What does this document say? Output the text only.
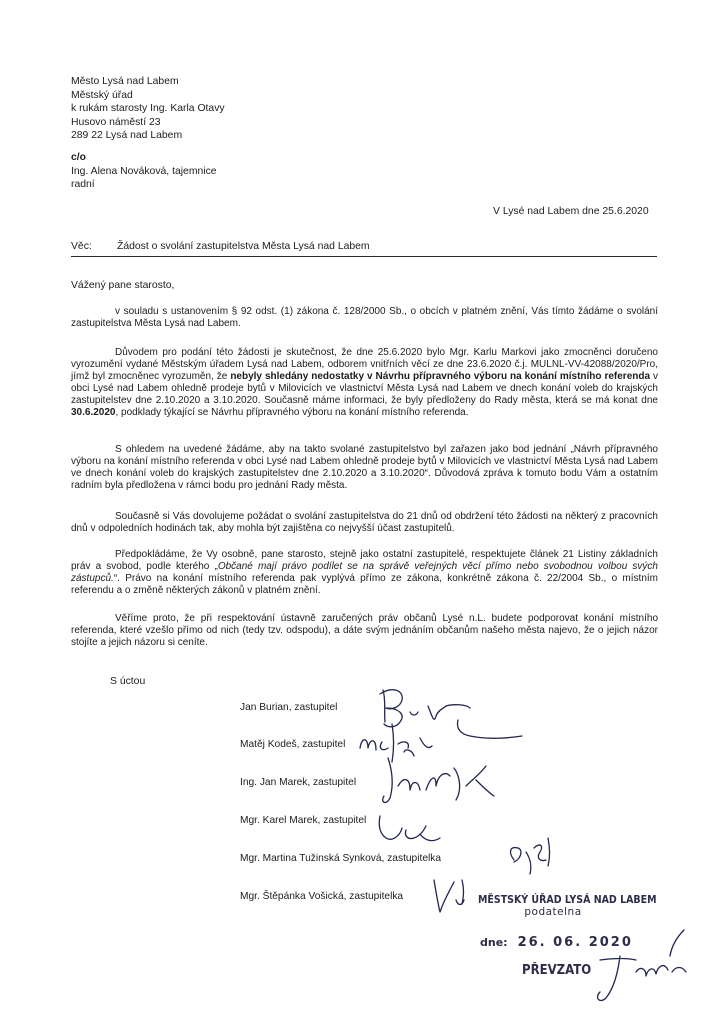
Město Lysá nad Labem
Městský úřad
k rukám starosty Ing. Karla Otavy
Husovo náměstí 23
289 22 Lysá nad Labem
c/o
Ing. Alena Nováková, tajemnice
radní
V Lysé nad Labem dne 25.6.2020
Věc: Žádost o svolání zastupitelstva Města Lysá nad Labem
Vážený pane starosto,

v souladu s ustanovením § 92 odst. (1) zákona č. 128/2000 Sb., o obcích v platném znění, Vás tímto žádáme o svolání zastupitelstva Města Lysá nad Labem.

Důvodem pro podání této žádosti je skutečnost, že dne 25.6.2020 bylo Mgr. Karlu Markovi jako zmocněnci doručeno vyrozumění vydané Městským úřadem Lysá nad Labem, odborem vnitřních věcí ze dne 23.6.2020 č.j. MULNL-VV-42088/2020/Pro, jímž byl zmocněnec vyrozuměn, že nebyly shledány nedostatky v Návrhu přípravného výboru na konání místního referenda v obci Lysé nad Labem ohledně prodeje bytů v Milovicích ve vlastnictví Města Lysá nad Labem ve dnech konání voleb do krajských zastupitelstev dne 2.10.2020 a 3.10.2020. Současně máme informaci, že byly předloženy do Rady města, která se má konat dne 30.6.2020, podklady týkající se Návrhu přípravného výboru na konání místního referenda.

S ohledem na uvedené žádáme, aby na takto svolané zastupitelstvo byl zařazen jako bod jednání „Návrh přípravného výboru na konání místního referenda v obci Lysé nad Labem ohledně prodeje bytů v Milovicích ve vlastnictví Města Lysá nad Labem ve dnech konání voleb do krajských zastupitelstev dne 2.10.2020 a 3.10.2020“. Důvodová zpráva k tomuto bodu Vám a ostatním radním byla předložena v rámci bodu pro jednání Rady města.

Současně si Vás dovolujeme požádat o svolání zastupitelstva do 21 dnů od obdržení této žádosti na některý z pracovních dnů v odpoledních hodinách tak, aby mohla být zajištěna co nejvyšší účast zastupitelů.

Předpokládáme, že Vy osobně, pane starosto, stejně jako ostatní zastupitelé, respektujete článek 21 Listiny základních práv a svobod, podle kterého „Občané mají právo podílet se na správě veřejných věcí přímo nebo svobodnou volbou svých zástupců.“. Právo na konání místního referenda pak vyplývá přímo ze zákona, konkrétně zákona č. 22/2004 Sb., o místním referendu a o změně některých zákonů v platném znění.

Věříme proto, že při respektování ústavně zaručených práv občanů Lysé n.L. budete podporovat konání místního referenda, které vzešlo přímo od nich (tedy tzv. odspodu), a dáte svým jednáním občanům našeho města najevo, že o jejich názor stojíte a jejich názoru si ceníte.

S úctou
Jan Burian, zastupitel
Matěj Kodeš, zastupitel
Ing. Jan Marek, zastupitel
Mgr. Karel Marek, zastupitel
Mgr. Martina Tužinská Synková, zastupitelka
Mgr. Štěpánka Vošická, zastupitelka	MĚSTSKÝ ÚŘAD LYSÁ NAD LABEM
podatelna
dne: 26. 06. 2020
PŘEVZATO
